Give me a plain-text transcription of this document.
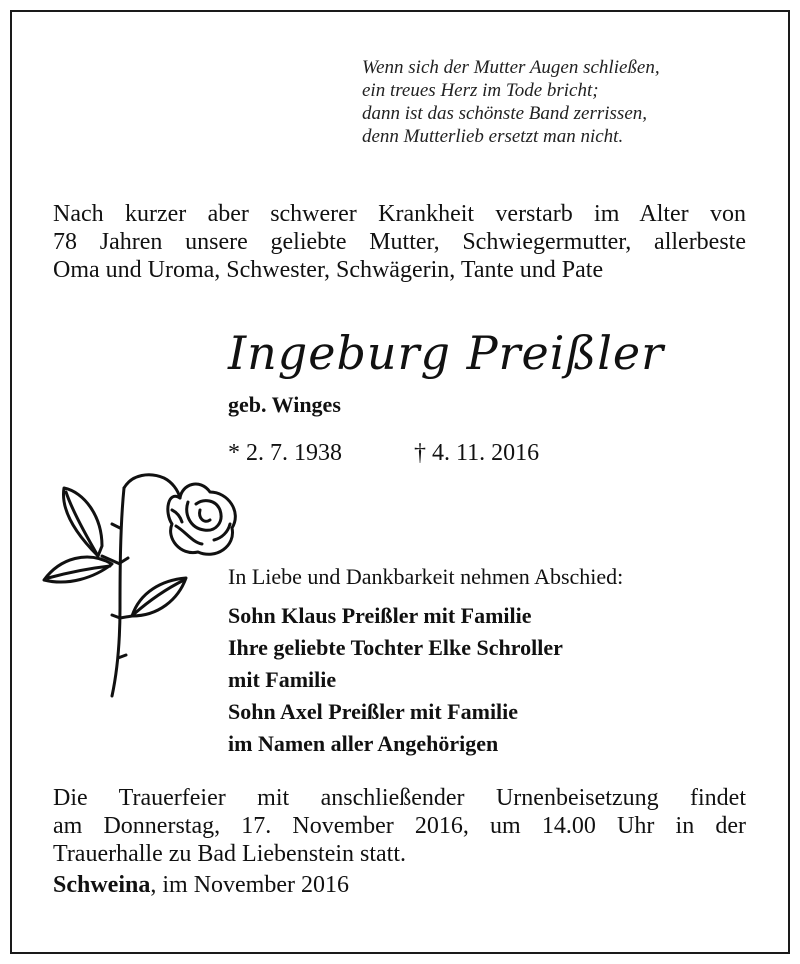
Wenn sich der Mutter Augen schließen,
ein treues Herz im Tode bricht;
dann ist das schönste Band zerrissen,
denn Mutterlieb ersetzt man nicht.
Nach kurzer aber schwerer Krankheit verstarb im Alter von
78 Jahren unsere geliebte Mutter, Schwiegermutter, allerbeste
Oma und Uroma, Schwester, Schwägerin, Tante und Pate
Ingeburg Preißler
geb. Winges
* 2. 7. 1938	† 4. 11. 2016
In Liebe und Dankbarkeit nehmen Abschied:
Sohn Klaus Preißler mit Familie
Ihre geliebte Tochter Elke Schroller
mit Familie
Sohn Axel Preißler mit Familie
im Namen aller Angehörigen
Die Trauerfeier mit anschließender Urnenbeisetzung findet
am Donnerstag, 17. November 2016, um 14.00 Uhr in der
Trauerhalle zu Bad Liebenstein statt.
Schweina, im November 2016
